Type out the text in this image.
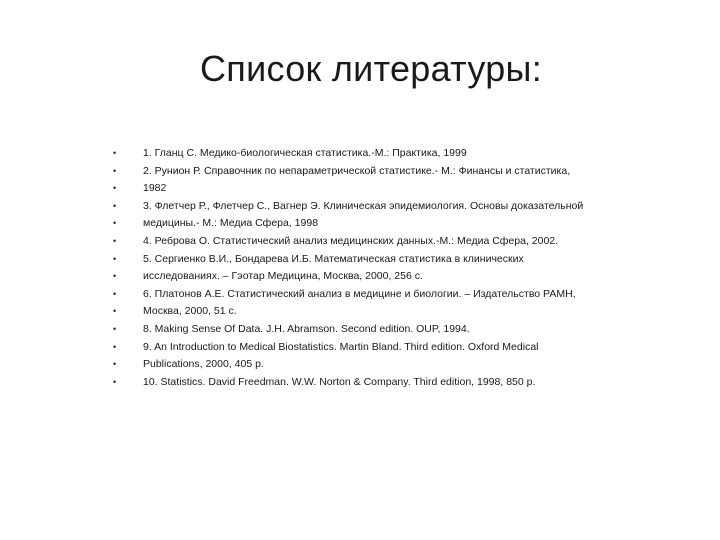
Список литературы:
•	1. Гланц С. Медико-биологическая статистика.-М.: Практика, 1999
•	2. Рунион Р. Справочник по непараметрической статистике.- М.: Финансы и статистика,
•	1982
•	3. Флетчер Р., Флетчер С., Вагнер Э. Клиническая эпидемиология. Основы доказательной
•	медицины.- М.: Медиа Сфера, 1998
•	4. Реброва О. Статистический анализ медицинских данных.-М.: Медиа Сфера, 2002.
•	5. Сергиенко В.И., Бондарева И.Б. Математическая статистика в клинических
•	исследованиях. – Гэотар Медицина, Москва, 2000, 256 с.
•	6. Платонов А.Е. Статистический анализ в медицине и биологии. – Издательство РАМН,
•	Москва, 2000, 51 с.
•	8. Making Sense Of Data. J.H. Abramson. Second edition. OUP, 1994.
•	9. An Introduction to Medical Biostatistics. Martin Bland. Third edition. Oxford Medical
•	Publications, 2000, 405 p.
•	10. Statistics. David Freedman. W.W. Norton & Company. Third edition, 1998, 850 p.
